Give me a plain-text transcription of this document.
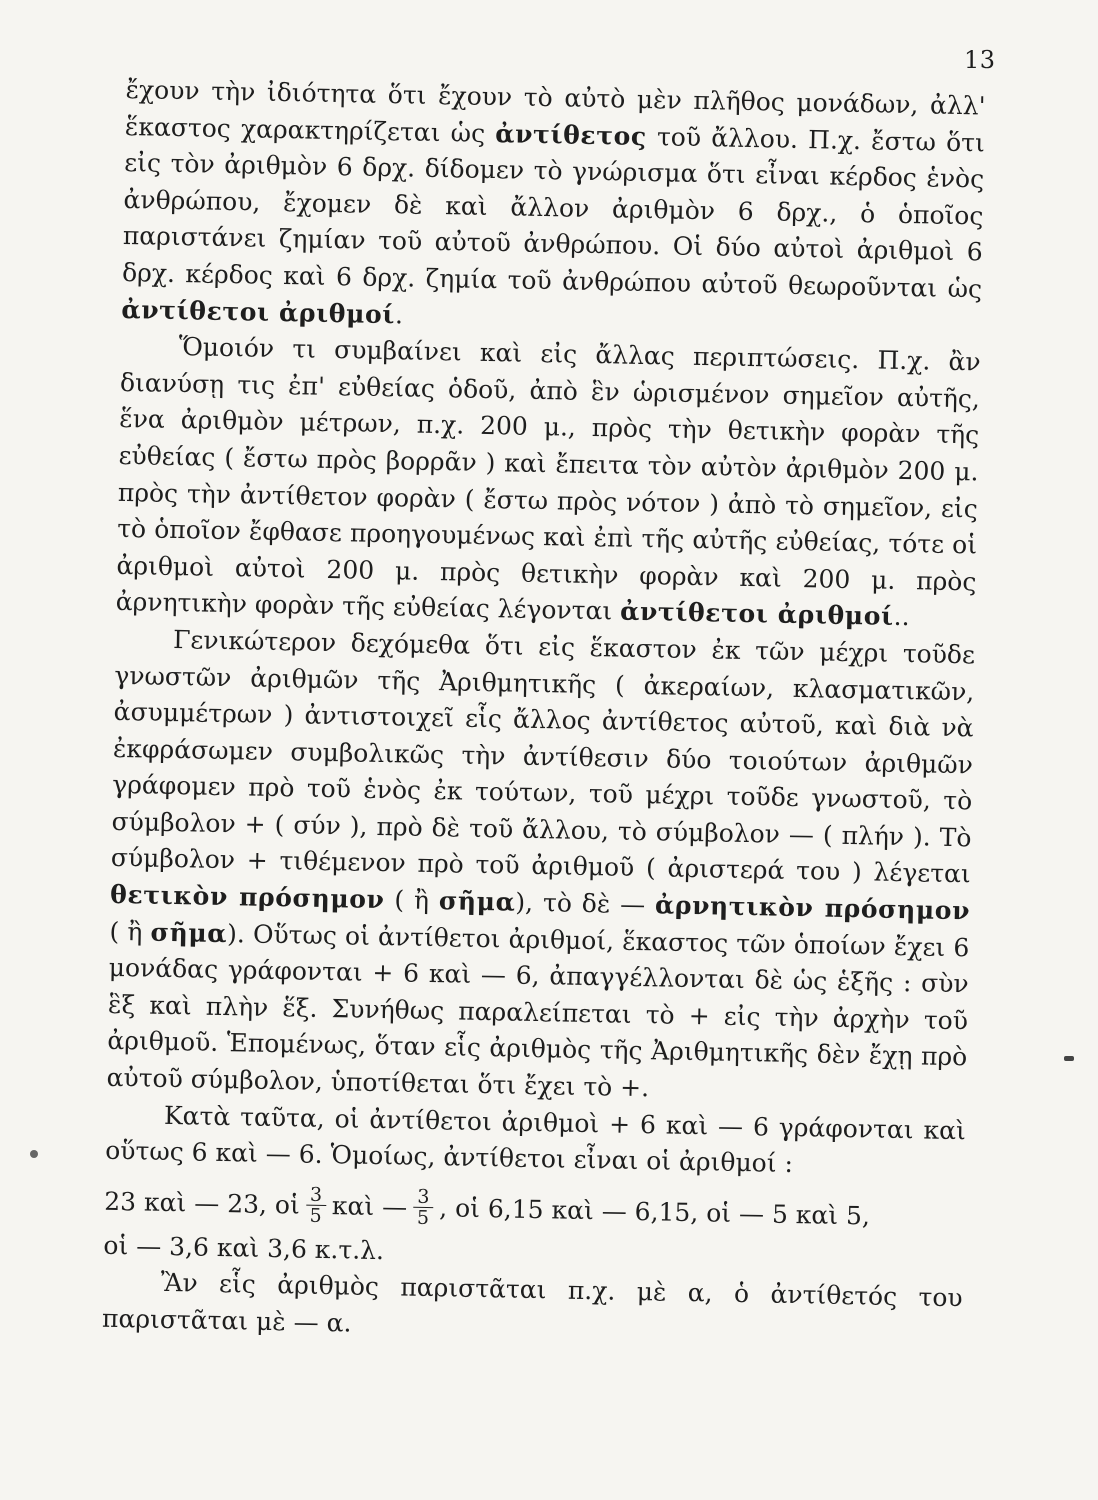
13

ἔχουν τὴν ἰδιότητα ὅτι ἔχουν τὸ αὐτὸ μὲν πλῆθος μονάδων, ἀλλ' ἕκαστος χαρακτηρίζεται ὡς ἀντίθετος τοῦ ἄλλου. Π.χ. ἔστω ὅτι εἰς τὸν ἀριθμὸν 6 δρχ. δίδομεν τὸ γνώρισμα ὅτι εἶναι κέρδος ἑνὸς ἀνθρώπου, ἔχομεν δὲ καὶ ἄλλον ἀριθμὸν 6 δρχ., ὁ ὁποῖος παριστάνει ζημίαν τοῦ αὐτοῦ ἀνθρώπου. Οἱ δύο αὐτοὶ ἀριθμοὶ 6 δρχ. κέρδος καὶ 6 δρχ. ζημία τοῦ ἀνθρώπου αὐτοῦ θεωροῦνται ὡς ἀντίθετοι ἀριθμοί.

Ὅμοιόν τι συμβαίνει καὶ εἰς ἄλλας περιπτώσεις. Π.χ. ἂν διανύσῃ τις ἐπ' εὐθείας ὁδοῦ, ἀπὸ ἓν ὡρισμένον σημεῖον αὐτῆς, ἕνα ἀριθμὸν μέτρων, π.χ. 200 μ., πρὸς τὴν θετικὴν φορὰν τῆς εὐθείας ( ἔστω πρὸς βορρᾶν ) καὶ ἔπειτα τὸν αὐτὸν ἀριθμὸν 200 μ. πρὸς τὴν ἀντίθετον φορὰν ( ἔστω πρὸς νότον ) ἀπὸ τὸ σημεῖον, εἰς τὸ ὁποῖον ἔφθασε προηγουμένως καὶ ἐπὶ τῆς αὐτῆς εὐθείας, τότε οἱ ἀριθμοὶ αὐτοὶ 200 μ. πρὸς θετικὴν φορὰν καὶ 200 μ. πρὸς ἀρνητικὴν φορὰν τῆς εὐθείας λέγονται ἀντίθετοι ἀριθμοί..

Γενικώτερον δεχόμεθα ὅτι εἰς ἕκαστον ἐκ τῶν μέχρι τοῦδε γνωστῶν ἀριθμῶν τῆς Ἀριθμητικῆς ( ἀκεραίων, κλασματικῶν, ἀσυμμέτρων ) ἀντιστοιχεῖ εἷς ἄλλος ἀντίθετος αὐτοῦ, καὶ διὰ νὰ ἐκφράσωμεν συμβολικῶς τὴν ἀντίθεσιν δύο τοιούτων ἀριθμῶν γράφομεν πρὸ τοῦ ἑνὸς ἐκ τούτων, τοῦ μέχρι τοῦδε γνωστοῦ, τὸ σύμβολον + ( σύν ), πρὸ δὲ τοῦ ἄλλου, τὸ σύμβολον — ( πλήν ). Τὸ σύμβολον + τιθέμενον πρὸ τοῦ ἀριθμοῦ ( ἀριστερά του ) λέγεται θετικὸν πρόσημον ( ἢ σῆμα), τὸ δὲ — ἀρνητικὸν πρόσημον ( ἢ σῆμα). Οὕτως οἱ ἀντίθετοι ἀριθμοί, ἕκαστος τῶν ὁποίων ἔχει 6 μονάδας γράφονται + 6 καὶ — 6, ἀπαγγέλλονται δὲ ὡς ἑξῆς : σὺν ἓξ καὶ πλὴν ἕξ. Συνήθως παραλείπεται τὸ + εἰς τὴν ἀρχὴν τοῦ ἀριθμοῦ. Ἑπομένως, ὅταν εἷς ἀριθμὸς τῆς Ἀριθμητικῆς δὲν ἔχῃ πρὸ αὐτοῦ σύμβολον, ὑποτίθεται ὅτι ἔχει τὸ +.

Κατὰ ταῦτα, οἱ ἀντίθετοι ἀριθμοὶ + 6 καὶ — 6 γράφονται καὶ οὕτως 6 καὶ — 6. Ὁμοίως, ἀντίθετοι εἶναι οἱ ἀριθμοί :

23 καὶ — 23, οἱ $\frac{3}{5}$ καὶ — $\frac{3}{5}$ , οἱ 6,15 καὶ — 6,15, οἱ — 5 καὶ 5,

οἱ — 3,6 καὶ 3,6 κ.τ.λ.

Ἂν εἷς ἀριθμὸς παριστᾶται π.χ. μὲ α, ὁ ἀντίθετός του παριστᾶται μὲ — α.
